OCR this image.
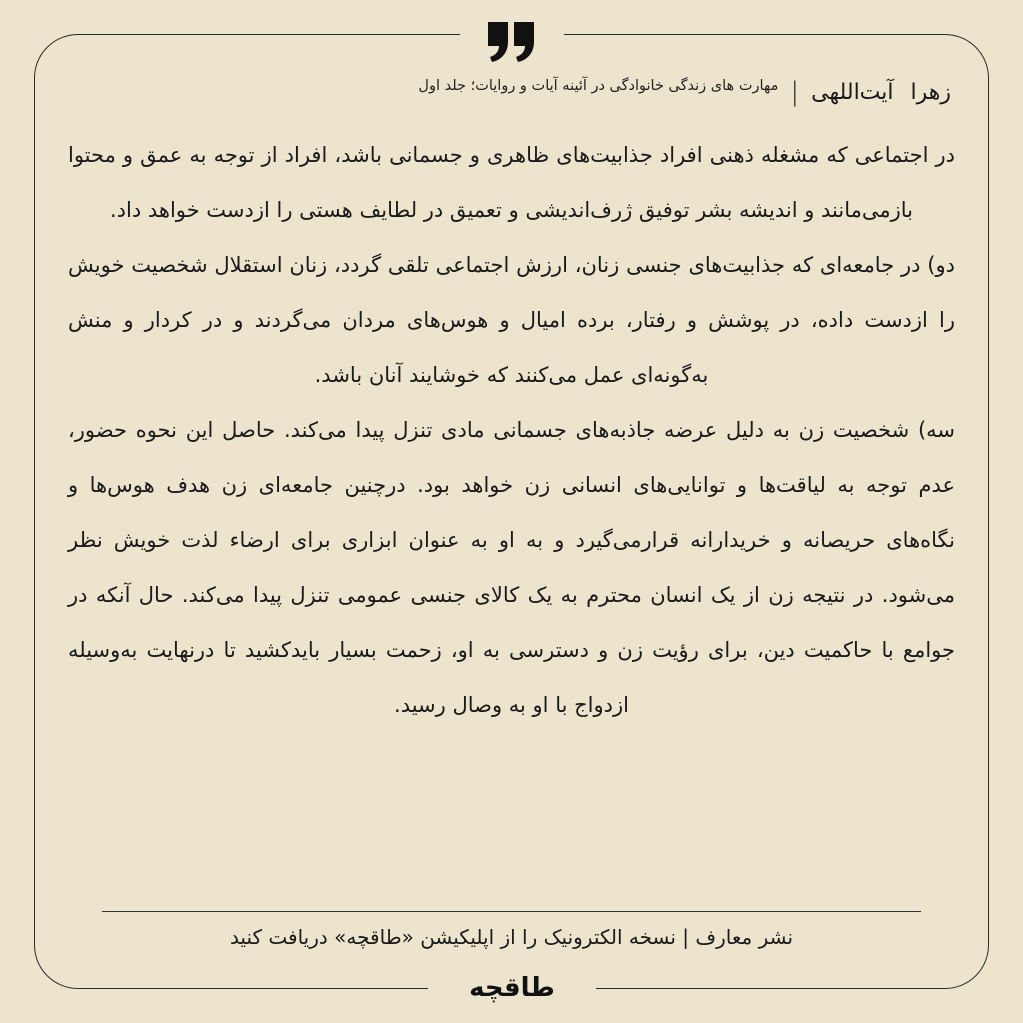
زهرا آیت‌اللهی
|
مهارت های زندگی خانوادگی در آئینه آیات و روایات؛ جلد اول

در اجتماعی که مشغله ذهنی افراد جذابیت‌های ظاهری و جسمانی باشد، افراد از توجه به عمق و محتوا بازمی‌مانند و اندیشه بشر توفیق ژرف‌اندیشی و تعمیق در لطایف هستی را ازدست خواهد داد.

دو) در جامعه‌ای که جذابیت‌های جنسی زنان، ارزش اجتماعی تلقی گردد، زنان استقلال شخصیت خویش را ازدست داده، در پوشش و رفتار، برده امیال و هوس‌های مردان می‌گردند و در کردار و منش به‌گونه‌ای عمل می‌کنند که خوشایند آنان باشد.

سه) شخصیت زن به دلیل عرضه جاذبه‌های جسمانی مادی تنزل پیدا می‌کند. حاصل این نحوه حضور، عدم توجه به لیاقت‌ها و توانایی‌های انسانی زن خواهد بود. درچنین جامعه‌ای زن هدف هوس‌ها و نگاه‌های حریصانه و خریدارانه قرارمی‌گیرد و به او به عنوان ابزاری برای ارضاء لذت خویش نظر می‌شود. در نتیجه زن از یک انسان محترم به یک کالای جنسی عمومی تنزل پیدا می‌کند. حال آنکه در جوامع با حاکمیت دین، برای رؤیت زن و دسترسی به او، زحمت بسیار بایدکشید تا درنهایت به‌وسیله ازدواج با او به وصال رسید.

نشر معارف | نسخه الکترونیک را از اپلیکیشن «طاقچه» دریافت کنید
طاقچه
